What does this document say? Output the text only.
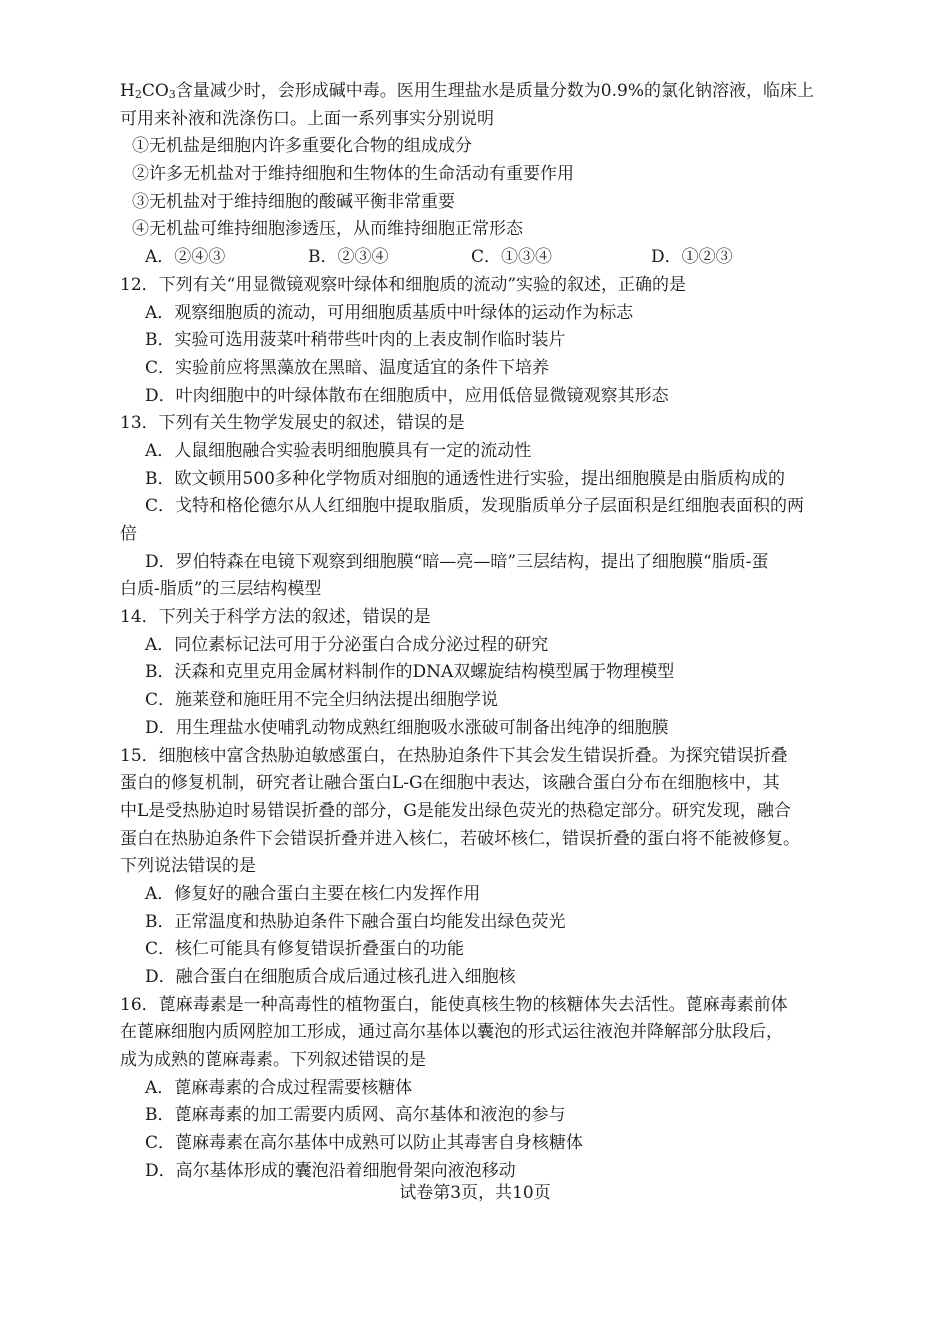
H2CO3含量减少时，会形成碱中毒。医用生理盐水是质量分数为0.9%的氯化钠溶液，临床上
可用来补液和洗涤伤口。上面一系列事实分别说明
①无机盐是细胞内许多重要化合物的组成成分
②许多无机盐对于维持细胞和生物体的生命活动有重要作用
③无机盐对于维持细胞的酸碱平衡非常重要
④无机盐可维持细胞渗透压，从而维持细胞正常形态
A．②④③	B．②③④	C．①③④	D．①②③
12．下列有关“用显微镜观察叶绿体和细胞质的流动”实验的叙述，正确的是
A．观察细胞质的流动，可用细胞质基质中叶绿体的运动作为标志
B．实验可选用菠菜叶稍带些叶肉的上表皮制作临时装片
C．实验前应将黑藻放在黑暗、温度适宜的条件下培养
D．叶肉细胞中的叶绿体散布在细胞质中，应用低倍显微镜观察其形态
13．下列有关生物学发展史的叙述，错误的是
A．人鼠细胞融合实验表明细胞膜具有一定的流动性
B．欧文顿用500多种化学物质对细胞的通透性进行实验，提出细胞膜是由脂质构成的
C．戈特和格伦德尔从人红细胞中提取脂质，发现脂质单分子层面积是红细胞表面积的两
倍
D．罗伯特森在电镜下观察到细胞膜“暗—亮—暗”三层结构，提出了细胞膜“脂质-蛋
白质-脂质”的三层结构模型
14．下列关于科学方法的叙述，错误的是
A．同位素标记法可用于分泌蛋白合成分泌过程的研究
B．沃森和克里克用金属材料制作的DNA双螺旋结构模型属于物理模型
C．施莱登和施旺用不完全归纳法提出细胞学说
D．用生理盐水使哺乳动物成熟红细胞吸水涨破可制备出纯净的细胞膜
15．细胞核中富含热胁迫敏感蛋白，在热胁迫条件下其会发生错误折叠。为探究错误折叠
蛋白的修复机制，研究者让融合蛋白L-G在细胞中表达，该融合蛋白分布在细胞核中，其
中L是受热胁迫时易错误折叠的部分，G是能发出绿色荧光的热稳定部分。研究发现，融合
蛋白在热胁迫条件下会错误折叠并进入核仁，若破坏核仁，错误折叠的蛋白将不能被修复。
下列说法错误的是
A．修复好的融合蛋白主要在核仁内发挥作用
B．正常温度和热胁迫条件下融合蛋白均能发出绿色荧光
C．核仁可能具有修复错误折叠蛋白的功能
D．融合蛋白在细胞质合成后通过核孔进入细胞核
16．蓖麻毒素是一种高毒性的植物蛋白，能使真核生物的核糖体失去活性。蓖麻毒素前体
在蓖麻细胞内质网腔加工形成，通过高尔基体以囊泡的形式运往液泡并降解部分肽段后，
成为成熟的蓖麻毒素。下列叙述错误的是
A．蓖麻毒素的合成过程需要核糖体
B．蓖麻毒素的加工需要内质网、高尔基体和液泡的参与
C．蓖麻毒素在高尔基体中成熟可以防止其毒害自身核糖体
D．高尔基体形成的囊泡沿着细胞骨架向液泡移动
试卷第3页，共10页
